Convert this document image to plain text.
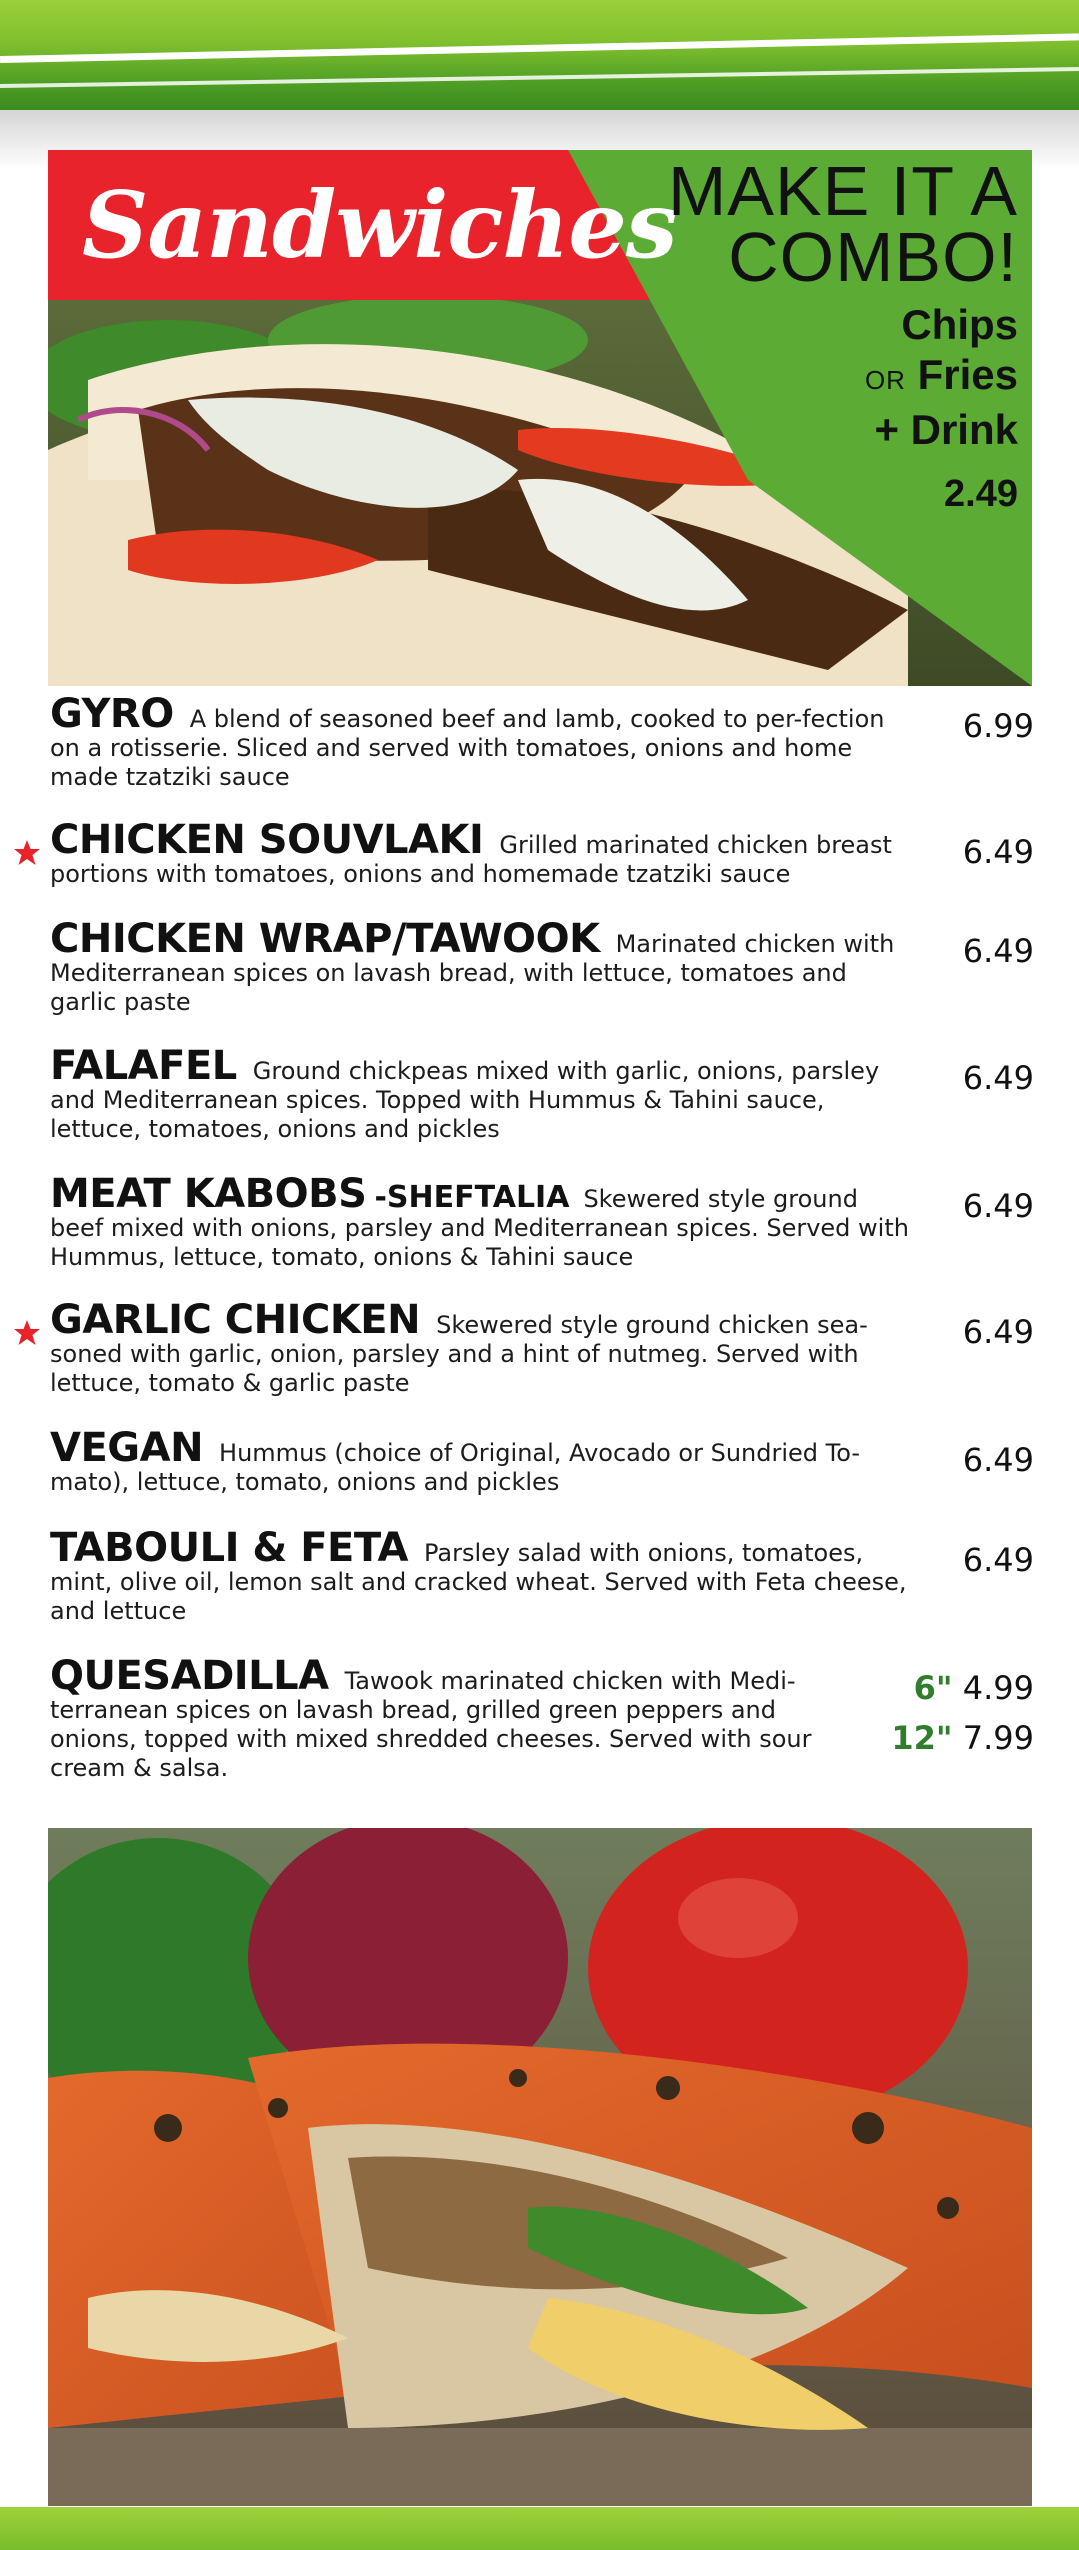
Sandwiches
MAKE IT A
COMBO!
Chips
OR Fries
+ Drink
2.49
GYRO A blend of seasoned beef and lamb, cooked to per-fection on a rotisserie. Sliced and served with tomatoes, onions and home made tzatziki sauce
6.99
CHICKEN SOUVLAKI Grilled marinated chicken breast portions with tomatoes, onions and homemade tzatziki sauce
6.49
CHICKEN WRAP/TAWOOK Marinated chicken with Mediterranean spices on lavash bread, with lettuce, tomatoes and garlic paste
6.49
FALAFEL Ground chickpeas mixed with garlic, onions, parsley and Mediterranean spices. Topped with Hummus & Tahini sauce, lettuce, tomatoes, onions and pickles
6.49
MEAT KABOBS -SHEFTALIA Skewered style ground beef mixed with onions, parsley and Mediterranean spices. Served with Hummus, lettuce, tomato, onions & Tahini sauce
6.49
GARLIC CHICKEN Skewered style ground chicken sea-soned with garlic, onion, parsley and a hint of nutmeg. Served with lettuce, tomato & garlic paste
6.49
VEGAN Hummus (choice of Original, Avocado or Sundried To-mato), lettuce, tomato, onions and pickles
6.49
TABOULI & FETA Parsley salad with onions, tomatoes, mint, olive oil, lemon salt and cracked wheat. Served with Feta cheese, and lettuce
6.49
QUESADILLA Tawook marinated chicken with Medi-terranean spices on lavash bread, grilled green peppers and onions, topped with mixed shredded cheeses. Served with sour cream & salsa.
6" 4.99
12" 7.99
